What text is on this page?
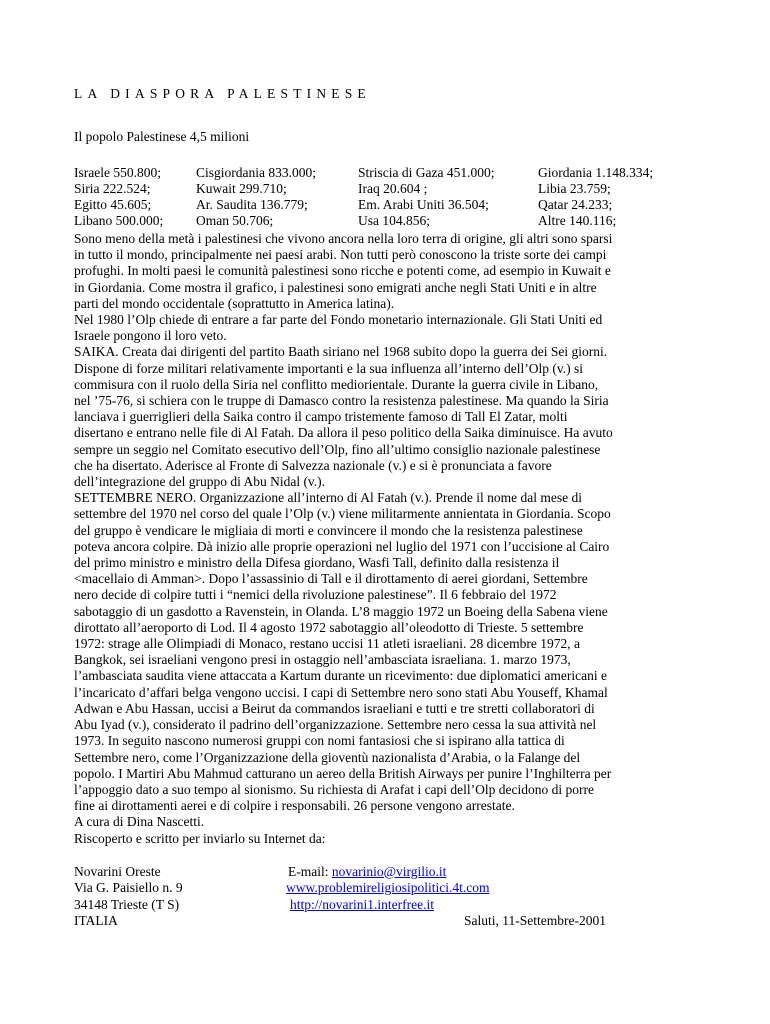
LA DIASPORA PALESTINESE
Il popolo Palestinese 4,5 milioni
Israele 550.800;	Cisgiordania 833.000;	Striscia di Gaza 451.000;	Giordania 1.148.334;
Siria 222.524;	Kuwait 299.710;	Iraq 20.604 ;	Libia 23.759;
Egitto 45.605;	Ar. Saudita 136.779;	Em. Arabi Uniti 36.504;	Qatar 24.233;
Libano 500.000; Oman 50.706;	Usa 104.856;	Altre 140.116;

Sono meno della metà i palestinesi che vivono ancora nella loro terra di origine, gli altri sono sparsi
in tutto il mondo, principalmente nei paesi arabi. Non tutti però conoscono la triste sorte dei campi
profughi. In molti paesi le comunità palestinesi sono ricche e potenti come, ad esempio in Kuwait e
in Giordania. Come mostra il grafico, i palestinesi sono emigrati anche negli Stati Uniti e in altre
parti del mondo occidentale (soprattutto in America latina).

Nel 1980 l’Olp chiede di entrare a far parte del Fondo monetario internazionale. Gli Stati Uniti ed
Israele pongono il loro veto.

SAIKA. Creata dai dirigenti del partito Baath siriano nel 1968 subito dopo la guerra dei Sei giorni.
Dispone di forze militari relativamente importanti e la sua influenza all’interno dell’Olp (v.) si
commisura con il ruolo della Siria nel conflitto mediorientale. Durante la guerra civile in Libano,
nel ’75-76, si schiera con le truppe di Damasco contro la resistenza palestinese. Ma quando la Siria
lanciava i guerriglieri della Saika contro il campo tristemente famoso di Tall El Zatar, molti
disertano e entrano nelle file di Al Fatah. Da allora il peso politico della Saika diminuisce. Ha avuto
sempre un seggio nel Comitato esecutivo dell’Olp, fino all’ultimo consiglio nazionale palestinese
che ha disertato. Aderisce al Fronte di Salvezza nazionale (v.) e si è pronunciata a favore
dell’integrazione del gruppo di Abu Nidal (v.).

SETTEMBRE NERO. Organizzazione all’interno di Al Fatah (v.). Prende il nome dal mese di
settembre del 1970 nel corso del quale l’Olp (v.) viene militarmente annientata in Giordania. Scopo
del gruppo è vendicare le migliaia di morti e convincere il mondo che la resistenza palestinese
poteva ancora colpire. Dà inizio alle proprie operazioni nel luglio del 1971 con l’uccisione al Cairo
del primo ministro e ministro della Difesa giordano, Wasfi Tall, definito dalla resistenza il
<macellaio di Amman>. Dopo l’assassinio di Tall e il dirottamento di aerei giordani, Settembre
nero decide di colpire tutti i “nemici della rivoluzione palestinese”. Il 6 febbraio del 1972
sabotaggio di un gasdotto a Ravenstein, in Olanda. L’8 maggio 1972 un Boeing della Sabena viene
dirottato all’aeroporto di Lod. Il 4 agosto 1972 sabotaggio all’oleodotto di Trieste. 5 settembre
1972: strage alle Olimpiadi di Monaco, restano uccisi 11 atleti israeliani. 28 dicembre 1972, a
Bangkok, sei israeliani vengono presi in ostaggio nell’ambasciata israeliana. 1. marzo 1973,
l’ambasciata saudita viene attaccata a Kartum durante un ricevimento: due diplomatici americani e
l’incaricato d’affari belga vengono uccisi. I capi di Settembre nero sono stati Abu Youseff, Khamal
Adwan e Abu Hassan, uccisi a Beirut da commandos israeliani e tutti e tre stretti collaboratori di
Abu Iyad (v.), considerato il padrino dell’organizzazione. Settembre nero cessa la sua attività nel
1973. In seguito nascono numerosi gruppi con nomi fantasiosi che si ispirano alla tattica di
Settembre nero, come l’Organizzazione della gioventù nazionalista d’Arabia, o la Falange del
popolo. I Martiri Abu Mahmud catturano un aereo della British Airways per punire l’Inghilterra per
l’appoggio dato a suo tempo al sionismo. Su richiesta di Arafat i capi dell’Olp decidono di porre
fine ai dirottamenti aerei e di colpire i responsabili. 26 persone vengono arrestate.

A cura di Dina Nascetti.

Riscoperto e scritto per inviarlo su Internet da:

Novarini Oreste
Via G. Paisiello n. 9
34148 Trieste (T S)
ITALIA
E-mail: novarinio@virgilio.it
www.problemireligiosipolitici.4t.com
http://novarini1.interfree.it
Saluti, 11-Settembre-2001
